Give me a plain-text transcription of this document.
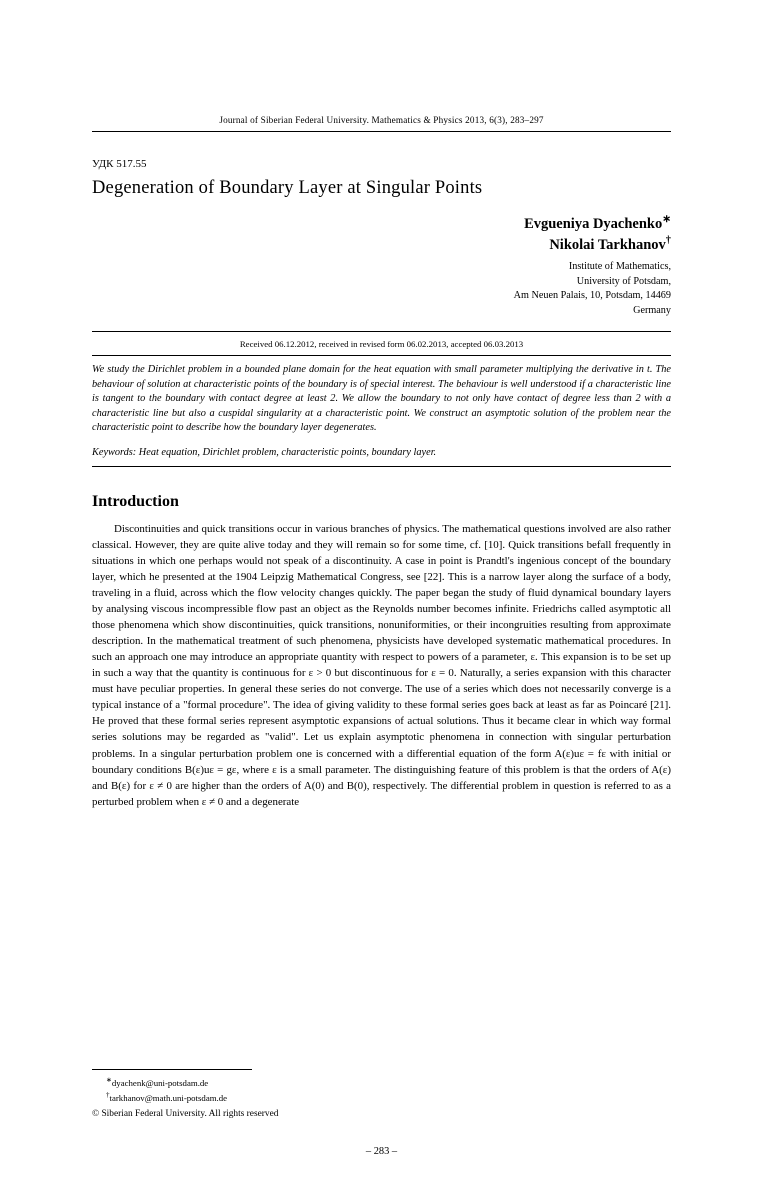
Journal of Siberian Federal University. Mathematics & Physics 2013, 6(3), 283–297
УДК 517.55
Degeneration of Boundary Layer at Singular Points
Evgueniya Dyachenko∗
Nikolai Tarkhanov†
Institute of Mathematics,
University of Potsdam,
Am Neuen Palais, 10, Potsdam, 14469
Germany
Received 06.12.2012, received in revised form 06.02.2013, accepted 06.03.2013
We study the Dirichlet problem in a bounded plane domain for the heat equation with small parameter multiplying the derivative in t. The behaviour of solution at characteristic points of the boundary is of special interest. The behaviour is well understood if a characteristic line is tangent to the boundary with contact degree at least 2. We allow the boundary to not only have contact of degree less than 2 with a characteristic line but also a cuspidal singularity at a characteristic point. We construct an asymptotic solution of the problem near the characteristic point to describe how the boundary layer degenerates.
Keywords: Heat equation, Dirichlet problem, characteristic points, boundary layer.
Introduction

Discontinuities and quick transitions occur in various branches of physics. The mathematical questions involved are also rather classical. However, they are quite alive today and they will remain so for some time, cf. [10]. Quick transitions befall frequently in situations in which one perhaps would not speak of a discontinuity. A case in point is Prandtl's ingenious concept of the boundary layer, which he presented at the 1904 Leipzig Mathematical Congress, see [22]. This is a narrow layer along the surface of a body, traveling in a fluid, across which the flow velocity changes quickly. The paper began the study of fluid dynamical boundary layers by analysing viscous incompressible flow past an object as the Reynolds number becomes infinite. Friedrichs called asymptotic all those phenomena which show discontinuities, quick transitions, nonuniformities, or their incongruities resulting from approximate description. In the mathematical treatment of such phenomena, physicists have developed systematic mathematical procedures. In such an approach one may introduce an appropriate quantity with respect to powers of a parameter, ε. This expansion is to be set up in such a way that the quantity is continuous for ε > 0 but discontinuous for ε = 0. Naturally, a series expansion with this character must have peculiar properties. In general these series do not converge. The use of a series which does not necessarily converge is a typical instance of a "formal procedure". The idea of giving validity to these formal series goes back at least as far as Poincaré [21]. He proved that these formal series represent asymptotic expansions of actual solutions. Thus it became clear in which way formal series solutions may be regarded as "valid". Let us explain asymptotic phenomena in connection with singular perturbation problems. In a singular perturbation problem one is concerned with a differential equation of the form A(ε)uε = fε with initial or boundary conditions B(ε)uε = gε, where ε is a small parameter. The distinguishing feature of this problem is that the orders of A(ε) and B(ε) for ε ≠ 0 are higher than the orders of A(0) and B(0), respectively. The differential problem in question is referred to as a perturbed problem when ε ≠ 0 and a degenerate

∗dyachenk@uni-potsdam.de
†tarkhanov@math.uni-potsdam.de
© Siberian Federal University. All rights reserved
– 283 –
